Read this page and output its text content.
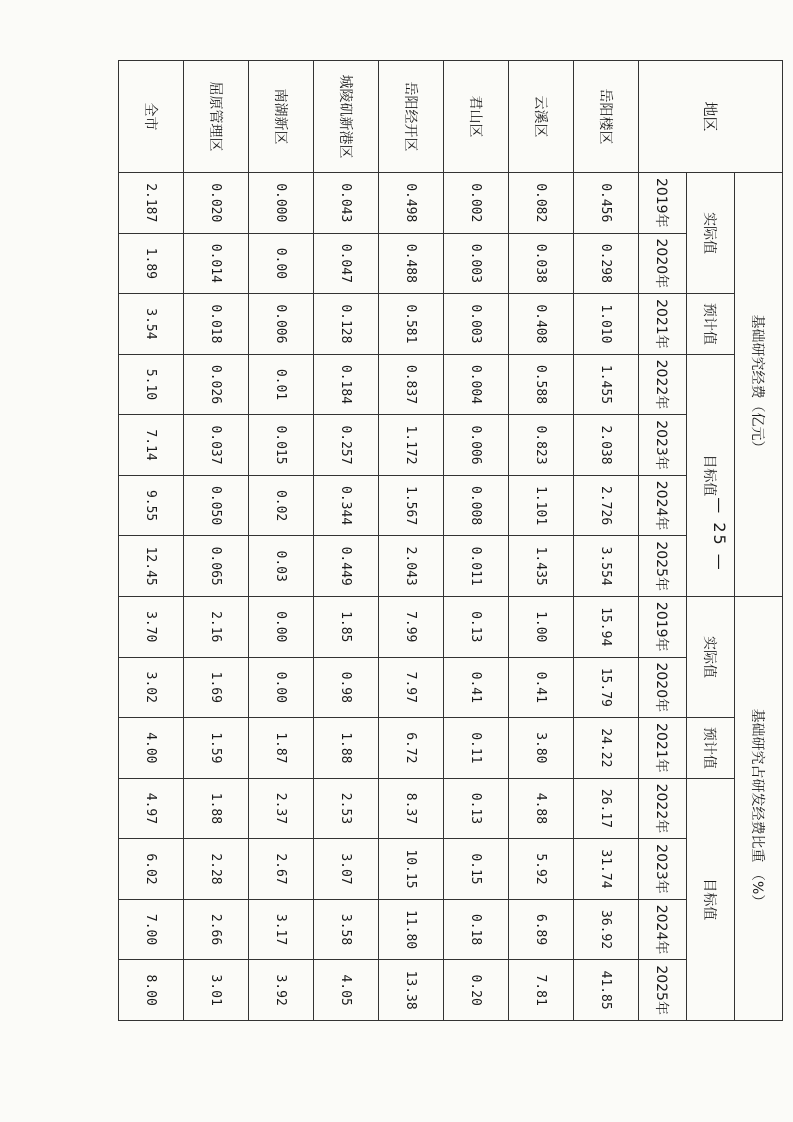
— 25 —
地区	基础研究经费（亿元）							基础研究占研发经费比重 （%）						
	实际值		预计值	目标值				实际值		预计值	目标值			
	2019年	2020年	2021年	2022年	2023年	2024年	2025年	2019年	2020年	2021年	2022年	2023年	2024年	2025年
岳阳楼区	0.456	0.298	1.010	1.455	2.038	2.726	3.554	15.94	15.79	24.22	26.17	31.74	36.92	41.85
云溪区	0.082	0.038	0.408	0.588	0.823	1.101	1.435	1.00	0.41	3.80	4.88	5.92	6.89	7.81
君山区	0.002	0.003	0.003	0.004	0.006	0.008	0.011	0.13	0.41	0.11	0.13	0.15	0.18	0.20
岳阳经开区	0.498	0.488	0.581	0.837	1.172	1.567	2.043	7.99	7.97	6.72	8.37	10.15	11.80	13.38
城陵矶新港区	0.043	0.047	0.128	0.184	0.257	0.344	0.449	1.85	0.98	1.88	2.53	3.07	3.58	4.05
南湖新区	0.000	0.00	0.006	0.01	0.015	0.02	0.03	0.00	0.00	1.87	2.37	2.67	3.17	3.92
屈原管理区	0.020	0.014	0.018	0.026	0.037	0.050	0.065	2.16	1.69	1.59	1.88	2.28	2.66	3.01
全市	2.187	1.89	3.54	5.10	7.14	9.55	12.45	3.70	3.02	4.00	4.97	6.02	7.00	8.00
